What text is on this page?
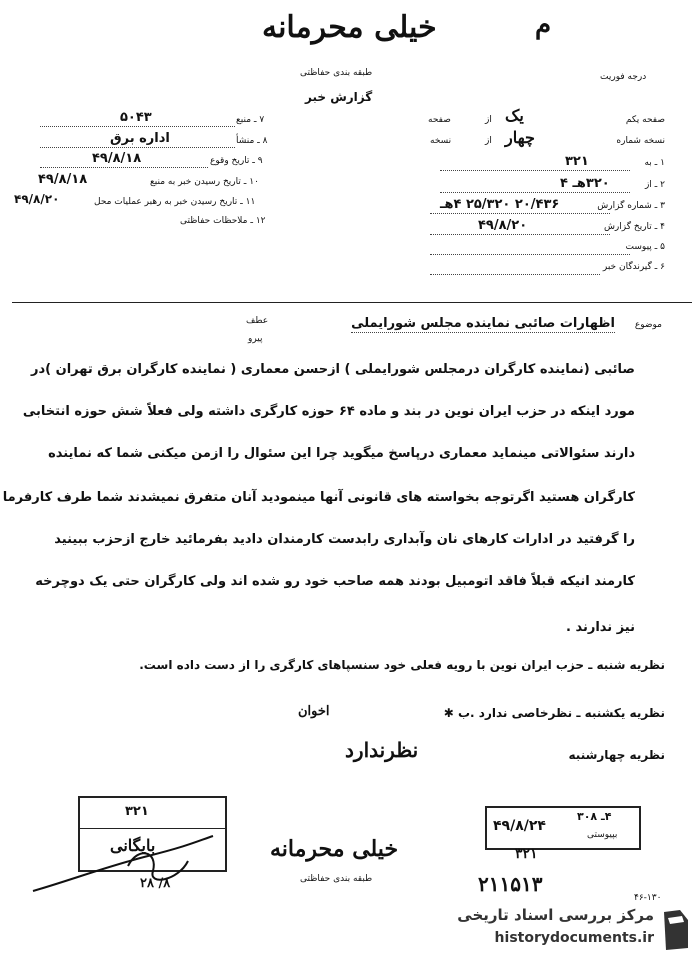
خیلی محرمانه	م
طبقه بندی حفاظتی	درجه فوریت
گزارش خبر
صفحه یکم
یک
از
صفحه
نسخه شماره
چهار
از
نسخه
۱ ـ به
۳۲۱
۲ ـ از
۳۲۰هـ ۴
۳ ـ شماره گزارش
۲۰/۴۳۶ ۲۵/۳۲۰ ۴هـ
۴ ـ تاریخ گزارش
۴۹/۸/۲۰
۵ ـ پیوست
۶ ـ گیرندگان خبر
۷ ـ منبع
۵۰۴۳
۸ ـ منشأ
اداره برق
۹ ـ تاریخ وقوع
۴۹/۸/۱۸
۱۰ ـ تاریخ رسیدن خبر به منبع
۴۹/۸/۱۸
۱۱ ـ تاریخ رسیدن خبر به رهبر عملیات محل
۴۹/۸/۲۰
۱۲ ـ ملاحظات حفاظتی
موضوع
اظهارات صائبی نماینده مجلس شورایملی
عطف
پیرو
صائبی (نماینده کارگران درمجلس شورایملی ) ازحسن معماری ( نماینده کارگران برق تهران )در
مورد اینکه در حزب ایران نوین در بند و ماده ۶۴ حوزه کارگری داشته ولی فعلاً شش حوزه انتخابی
دارند سئوالاتی مینماید معماری درپاسخ میگوید چرا این سئوال را ازمن میکنی شما که نماینده
کارگران هستید اگرتوجه بخواسته های قانونی آنها مینمودید آنان متفرق نمیشدند شما طرف کارفرما
را گرفتید در ادارات کارهای نان وآبداری رابدست کارمندان دادید بفرمائید خارج ازحزب ببینید
کارمند انیکه قبلاً فاقد اتومبیل بودند همه صاحب خود رو شده اند ولی کارگران حتی یک دوچرخه
نیز ندارند .
نظریه شنبه ـ حزب ایران نوین با رویه فعلی خود سنسپاهای کارگری را از دست داده است.
نظریه یکشنبه ـ نظرخاصی ندارد .ب ✱
اخوان
نظریه چهارشنبه
نظرندارد
۳۲۱
بایگانی
۸/ ۲۸
۴۹/۸/۲۴
۴ـ ۳۰۸
بپیوستی
۳۲۱
خیلی محرمانه
طبقه بندی حفاظتی	۲۱۱۵۱۳
۴۶-۱۳۰
مرکز بررسی اسناد تاریخی
historydocuments.ir
